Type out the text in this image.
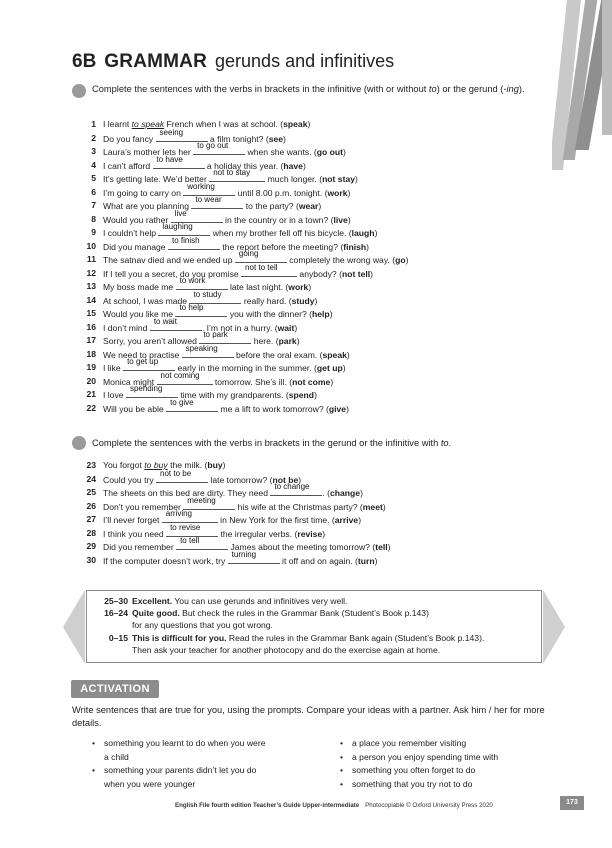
6B GRAMMAR gerunds and infinitives
Complete the sentences with the verbs in brackets in the infinitive (with or without to) or the gerund (-ing).
1 I learnt to speak French when I was at school. (speak)
2 Do you fancy
seeing
a film tonight? (see)
3 Laura’s mother lets her
to go out
when she wants. (go out)
4 I can’t afford
to have
a holiday this year. (have)
5 It’s getting late. We’d better
not to stay
much longer. (not stay)
6 I’m going to carry on
working
until 8.00 p.m. tonight. (work)
7 What are you planning
to wear
to the party? (wear)
8 Would you rather
live
in the country or in a town? (live)
9 I couldn’t help
laughing
when my brother fell off his bicycle. (laugh)
10 Did you manage
to finish
the report before the meeting? (finish)
11 The satnav died and we ended up
going
completely the wrong way. (go)
12 If I tell you a secret, do you promise
not to tell
anybody? (not tell)
13 My boss made me
to work
late last night. (work)
14 At school, I was made
to study
really hard. (study)
15 Would you like me
to help
you with the dinner? (help)
16 I don’t mind
to wait
. I’m not in a hurry. (wait)
17 Sorry, you aren’t allowed
to park
here. (park)
18 We need to practise
speaking
before the oral exam. (speak)
19 I like
to get up
early in the morning in the summer. (get up)
20 Monica might
not coming
tomorrow. She’s ill. (not come)
21 I love
spending
time with my grandparents. (spend)
22 Will you be able
to give
me a lift to work tomorrow? (give)
Complete the sentences with the verbs in brackets in the gerund or the infinitive with to.
23 You forgot to buy the milk. (buy)
24 Could you try
not to be
late tomorrow? (not be)
25 The sheets on this bed are dirty. They need
to change
. (change)
26 Don’t you remember
meeting
his wife at the Christmas party? (meet)
27 I’ll never forget
arriving
in New York for the first time. (arrive)
28 I think you need
to revise
the irregular verbs. (revise)
29 Did you remember
to tell
James about the meeting tomorrow? (tell)
30 If the computer doesn’t work, try
turning
it off and on again. (turn)
25–30 Excellent. You can use gerunds and infinitives very well.
16–24 Quite good. But check the rules in the Grammar Bank (Student’s Book p.143)
for any questions that you got wrong.
0–15 This is difficult for you. Read the rules in the Grammar Bank again (Student’s Book p.143).
Then ask your teacher for another photocopy and do the exercise again at home.
ACTIVATION
Write sentences that are true for you, using the prompts. Compare your ideas with a partner. Ask him / her for more details.
• something you learnt to do when you were
a child
• something your parents didn’t let you do
when you were younger
• a place you remember visiting
• a person you enjoy spending time with
• something you often forget to do
• something that you try not to do
English File fourth edition Teacher’s Guide Upper-intermediate Photocopiable © Oxford University Press 2020	173
